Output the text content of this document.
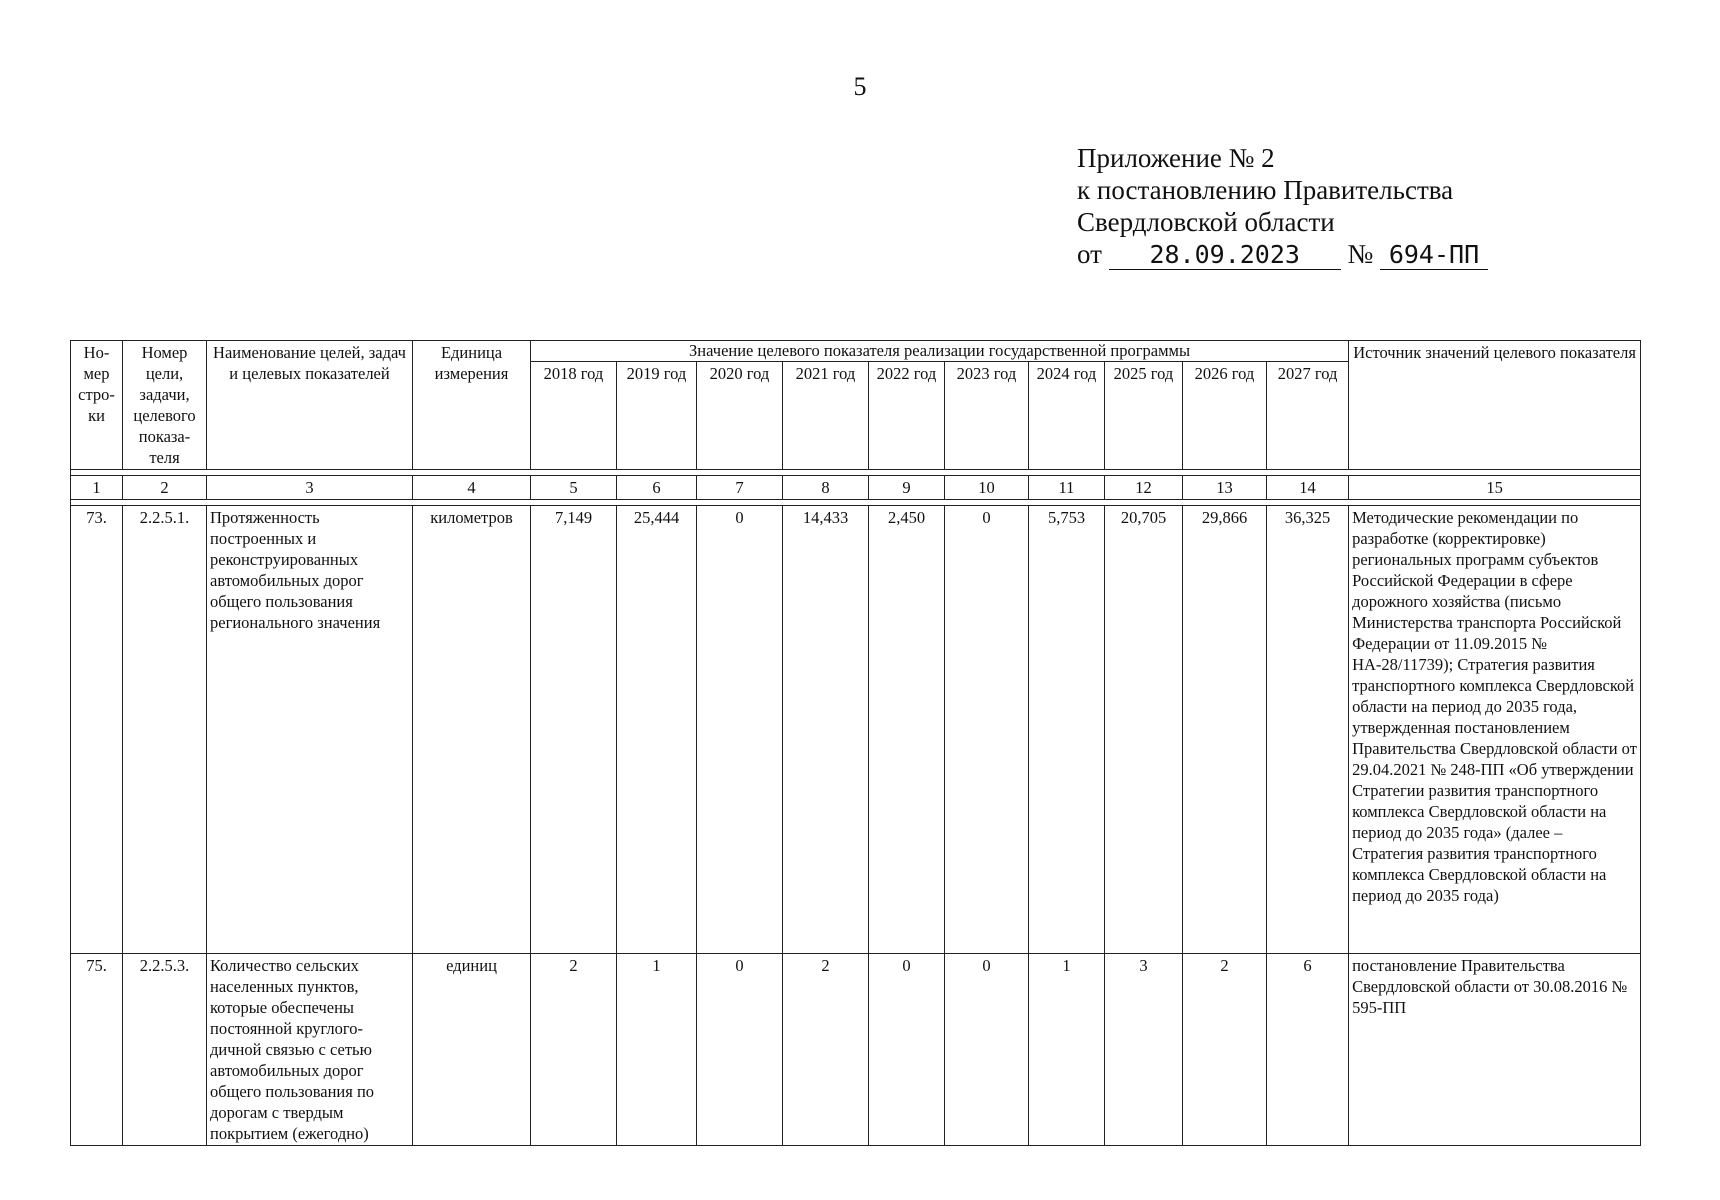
5
Приложение № 2
к постановлению Правительства
Свердловской области
от 28.09.2023 № 694-ПП
Но-мер стро-ки	Номер цели, задачи, целевого показа-теля	Наименование целей, задач и целевых показателей	Единица измерения	Значение целевого показателя реализации государственной программы										Источник значений целевого показателя
				2018 год	2019 год	2020 год	2021 год	2022 год	2023 год	2024 год	2025 год	2026 год	2027 год	

1	2	3	4	5	6	7	8	9	10	11	12	13	14	15

73.	2.2.5.1.	Протяженность построенных и реконструированных автомобильных дорог общего пользования регионального значения	километров	7,149	25,444	0	14,433	2,450	0	5,753	20,705	29,866	36,325	Методические рекомендации по разработке (корректировке) региональных программ субъектов Российской Федерации в сфере дорожного хозяйства (письмо Министерства транспорта Российской Федерации от 11.09.2015 № НА-28/11739); Стратегия развития транспортного комплекса Свердловской области на период до 2035 года, утвержденная постановлением Правительства Свердловской области от 29.04.2021 № 248-ПП «Об утверждении Стратегии развития транспортного комплекса Свердловской области на период до 2035 года» (далее – Стратегия развития транспортного комплекса Свердловской области на период до 2035 года)
75.	2.2.5.3.	Количество сельских населенных пунктов, которые обеспечены постоянной круглого-дичной связью с сетью автомобильных дорог общего пользования по дорогам с твердым покрытием (ежегодно)	единиц	2	1	0	2	0	0	1	3	2	6	постановление Правительства Свердловской области от 30.08.2016 № 595-ПП
